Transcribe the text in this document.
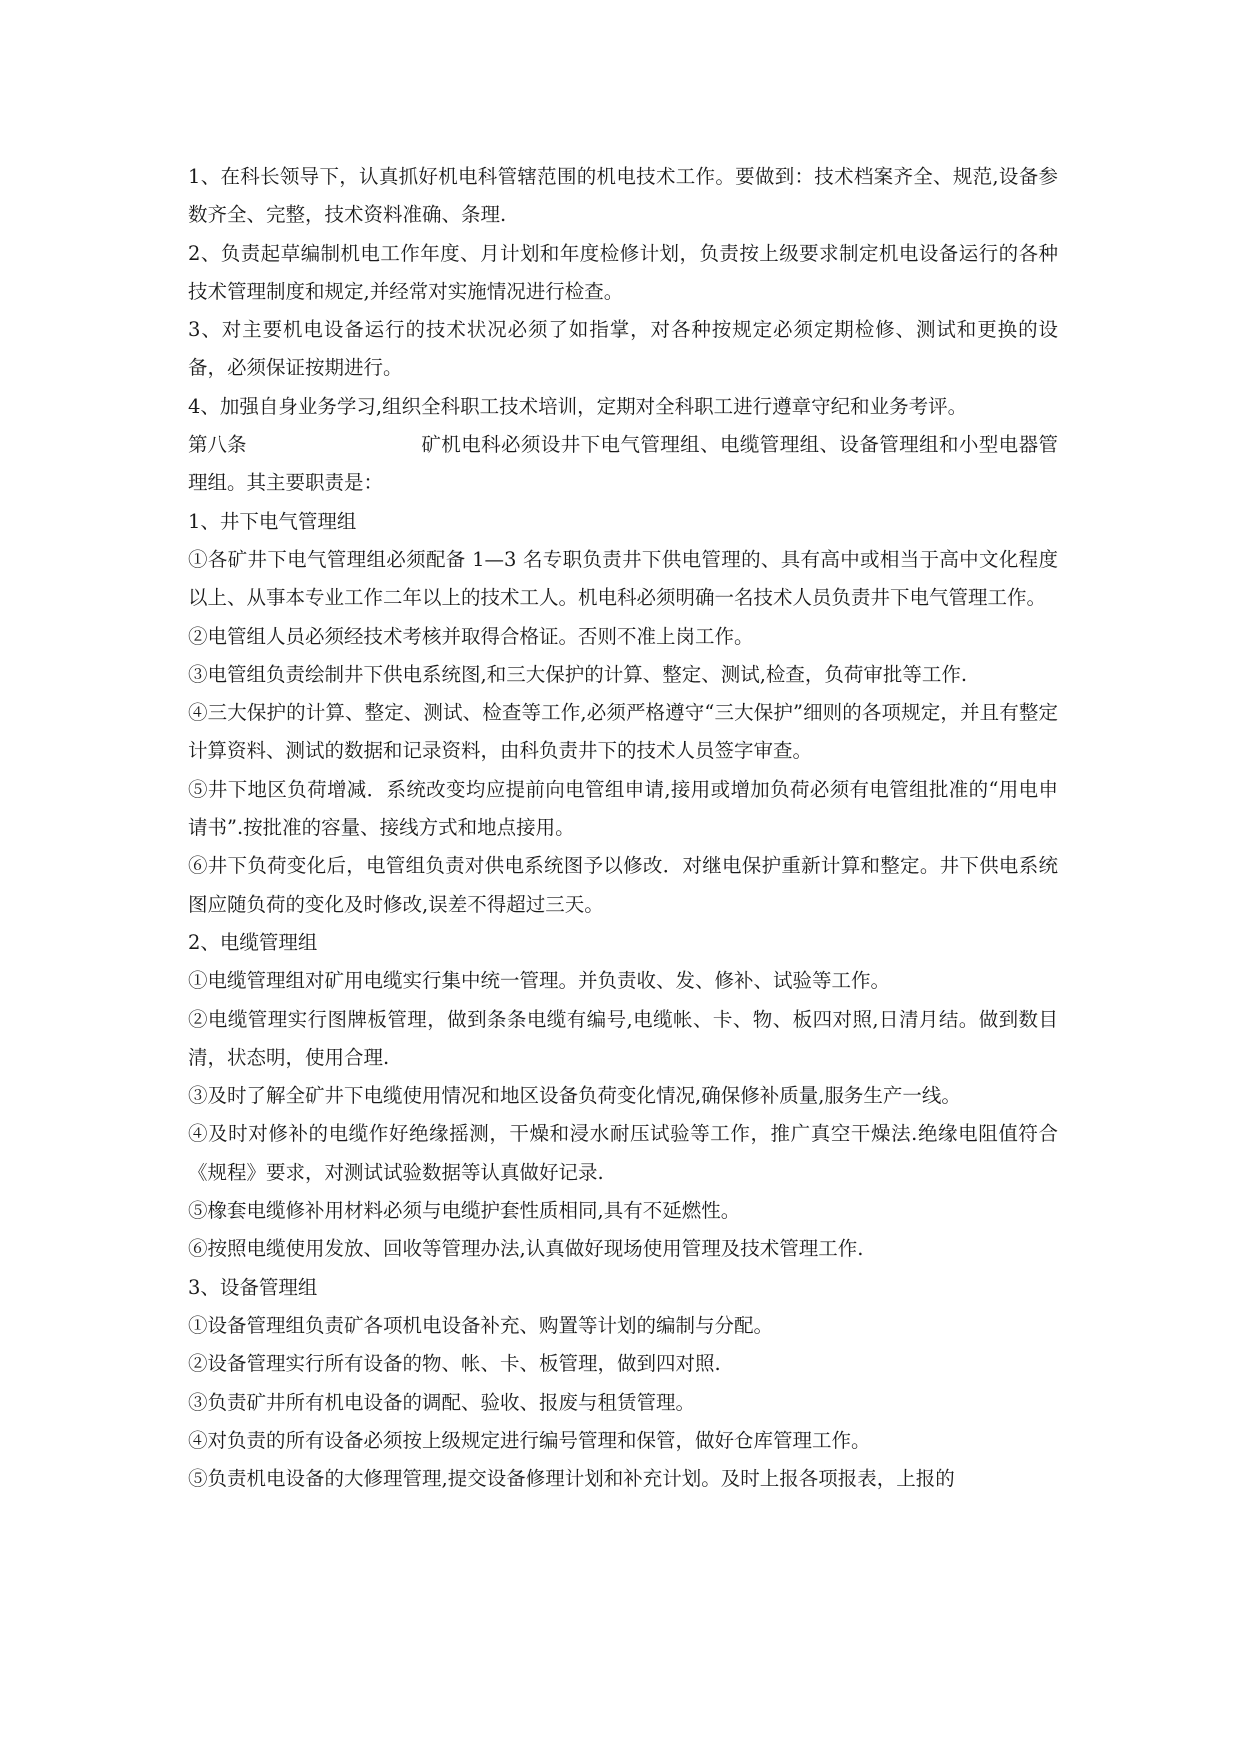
1、在科长领导下，认真抓好机电科管辖范围的机电技术工作。要做到：技术档案齐全、规范,设备参数齐全、完整，技术资料准确、条理.

2、负责起草编制机电工作年度、月计划和年度检修计划，负责按上级要求制定机电设备运行的各种技术管理制度和规定,并经常对实施情况进行检查。

3、对主要机电设备运行的技术状况必须了如指掌，对各种按规定必须定期检修、测试和更换的设备，必须保证按期进行。

4、加强自身业务学习,组织全科职工技术培训，定期对全科职工进行遵章守纪和业务考评。

第八条	矿机电科必须设井下电气管理组、电缆管理组、设备管理组和小型电器管理组。其主要职责是：

1、井下电气管理组

①各矿井下电气管理组必须配备 1—3 名专职负责井下供电管理的、具有高中或相当于高中文化程度以上、从事本专业工作二年以上的技术工人。机电科必须明确一名技术人员负责井下电气管理工作。

②电管组人员必须经技术考核并取得合格证。否则不准上岗工作。

③电管组负责绘制井下供电系统图,和三大保护的计算、整定、测试,检查，负荷审批等工作.

④三大保护的计算、整定、测试、检查等工作,必须严格遵守“三大保护”细则的各项规定，并且有整定计算资料、测试的数据和记录资料，由科负责井下的技术人员签字审查。

⑤井下地区负荷增减．系统改变均应提前向电管组申请,接用或增加负荷必须有电管组批准的“用电申请书”.按批准的容量、接线方式和地点接用。

⑥井下负荷变化后，电管组负责对供电系统图予以修改．对继电保护重新计算和整定。井下供电系统图应随负荷的变化及时修改,误差不得超过三天。

2、电缆管理组

①电缆管理组对矿用电缆实行集中统一管理。并负责收、发、修补、试验等工作。

②电缆管理实行图牌板管理，做到条条电缆有编号,电缆帐、卡、物、板四对照,日清月结。做到数目清，状态明，使用合理.

③及时了解全矿井下电缆使用情况和地区设备负荷变化情况,确保修补质量,服务生产一线。

④及时对修补的电缆作好绝缘摇测，干燥和浸水耐压试验等工作，推广真空干燥法.绝缘电阻值符合《规程》要求，对测试试验数据等认真做好记录.

⑤橡套电缆修补用材料必须与电缆护套性质相同,具有不延燃性。

⑥按照电缆使用发放、回收等管理办法,认真做好现场使用管理及技术管理工作.

3、设备管理组

①设备管理组负责矿各项机电设备补充、购置等计划的编制与分配。

②设备管理实行所有设备的物、帐、卡、板管理，做到四对照.

③负责矿井所有机电设备的调配、验收、报废与租赁管理。

④对负责的所有设备必须按上级规定进行编号管理和保管，做好仓库管理工作。

⑤负责机电设备的大修理管理,提交设备修理计划和补充计划。及时上报各项报表，上报的
